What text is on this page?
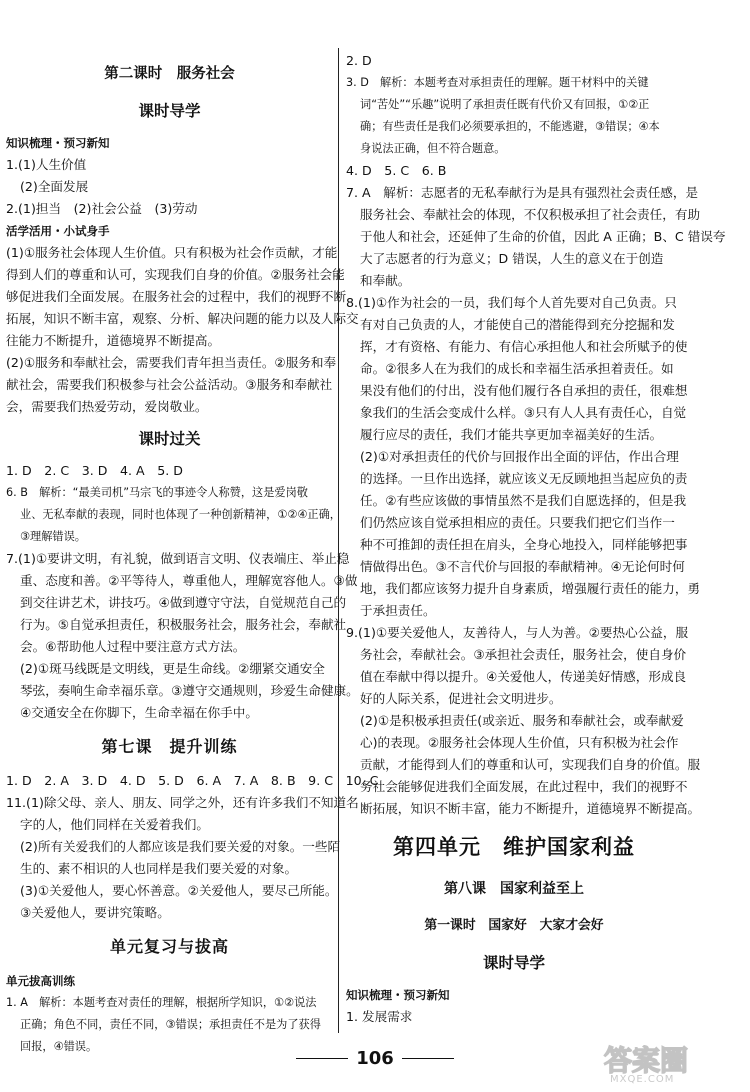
第二课时　服务社会
课时导学
知识梳理・预习新知
1.(1)人生价值
(2)全面发展
2.(1)担当　(2)社会公益　(3)劳动
活学活用・小试身手
(1)①服务社会体现人生价值。只有积极为社会作贡献，才能
得到人们的尊重和认可，实现我们自身的价值。②服务社会能
够促进我们全面发展。在服务社会的过程中，我们的视野不断
拓展，知识不断丰富，观察、分析、解决问题的能力以及人际交
往能力不断提升，道德境界不断提高。
(2)①服务和奉献社会，需要我们青年担当责任。②服务和奉
献社会，需要我们积极参与社会公益活动。③服务和奉献社
会，需要我们热爱劳动，爱岗敬业。
课时过关
1. D　2. C　3. D　4. A　5. D
6. B　解析：“最美司机”马宗飞的事迹令人称赞，这是爱岗敬
业、无私奉献的表现，同时也体现了一种创新精神，①②④正确，
③理解错误。
7.(1)①要讲文明，有礼貌，做到语言文明、仪表端庄、举止稳
重、态度和善。②平等待人，尊重他人，理解宽容他人。③做
到交往讲艺术，讲技巧。④做到遵守守法，自觉规范自己的
行为。⑤自觉承担责任，积极服务社会，服务社会，奉献社
会。⑥帮助他人过程中要注意方式方法。
(2)①斑马线既是文明线，更是生命线。②绷紧交通安全
琴弦，奏响生命幸福乐章。③遵守交通规则，珍爱生命健康。
④交通安全在你脚下，生命幸福在你手中。
第七课　提升训练
1. D　2. A　3. D　4. D　5. D　6. A　7. A　8. B　9. C　10. C
11.(1)除父母、亲人、朋友、同学之外，还有许多我们不知道名
字的人，他们同样在关爱着我们。
(2)所有关爱我们的人都应该是我们要关爱的对象。一些陌
生的、素不相识的人也同样是我们要关爱的对象。
(3)①关爱他人，要心怀善意。②关爱他人，要尽己所能。
③关爱他人，要讲究策略。
单元复习与拔高
单元拔高训练
1. A　解析：本题考查对责任的理解，根据所学知识，①②说法
正确；角色不同，责任不同，③错误；承担责任不是为了获得
回报，④错误。
2. D
3. D　解析：本题考查对承担责任的理解。题干材料中的关键
词“苦处”“乐趣”说明了承担责任既有代价又有回报，①②正
确；有些责任是我们必须要承担的，不能逃避，③错误；④本
身说法正确，但不符合题意。
4. D　5. C　6. B
7. A　解析：志愿者的无私奉献行为是具有强烈社会责任感，是
服务社会、奉献社会的体现，不仅积极承担了社会责任，有助
于他人和社会，还延伸了生命的价值，因此 A 正确；B、C 错误夸
大了志愿者的行为意义；D 错误，人生的意义在于创造
和奉献。
8.(1)①作为社会的一员，我们每个人首先要对自己负责。只
有对自己负责的人，才能使自己的潜能得到充分挖掘和发
挥，才有资格、有能力、有信心承担他人和社会所赋予的使
命。②很多人在为我们的成长和幸福生活承担着责任。如
果没有他们的付出，没有他们履行各自承担的责任，很难想
象我们的生活会变成什么样。③只有人人具有责任心，自觉
履行应尽的责任，我们才能共享更加幸福美好的生活。
(2)①对承担责任的代价与回报作出全面的评估，作出合理
的选择。一旦作出选择，就应该义无反顾地担当起应负的责
任。②有些应该做的事情虽然不是我们自愿选择的，但是我
们仍然应该自觉承担相应的责任。只要我们把它们当作一
种不可推卸的责任担在肩头，全身心地投入，同样能够把事
情做得出色。③不言代价与回报的奉献精神。④无论何时何
地，我们都应该努力提升自身素质，增强履行责任的能力，勇
于承担责任。
9.(1)①要关爱他人，友善待人，与人为善。②要热心公益，服
务社会，奉献社会。③承担社会责任，服务社会，使自身价
值在奉献中得以提升。④关爱他人，传递美好情感，形成良
好的人际关系，促进社会文明进步。
(2)①是积极承担责任(或亲近、服务和奉献社会，或奉献爱
心)的表现。②服务社会体现人生价值，只有积极为社会作
贡献，才能得到人们的尊重和认可，实现我们自身的价值。服
务社会能够促进我们全面发展，在此过程中，我们的视野不
断拓展，知识不断丰富，能力不断提升，道德境界不断提高。
第四单元　维护国家利益
第八课　国家利益至上
第一课时　国家好　大家才会好
课时导学
知识梳理・预习新知
1. 发展需求
106	答案圈
MXQE.COM
